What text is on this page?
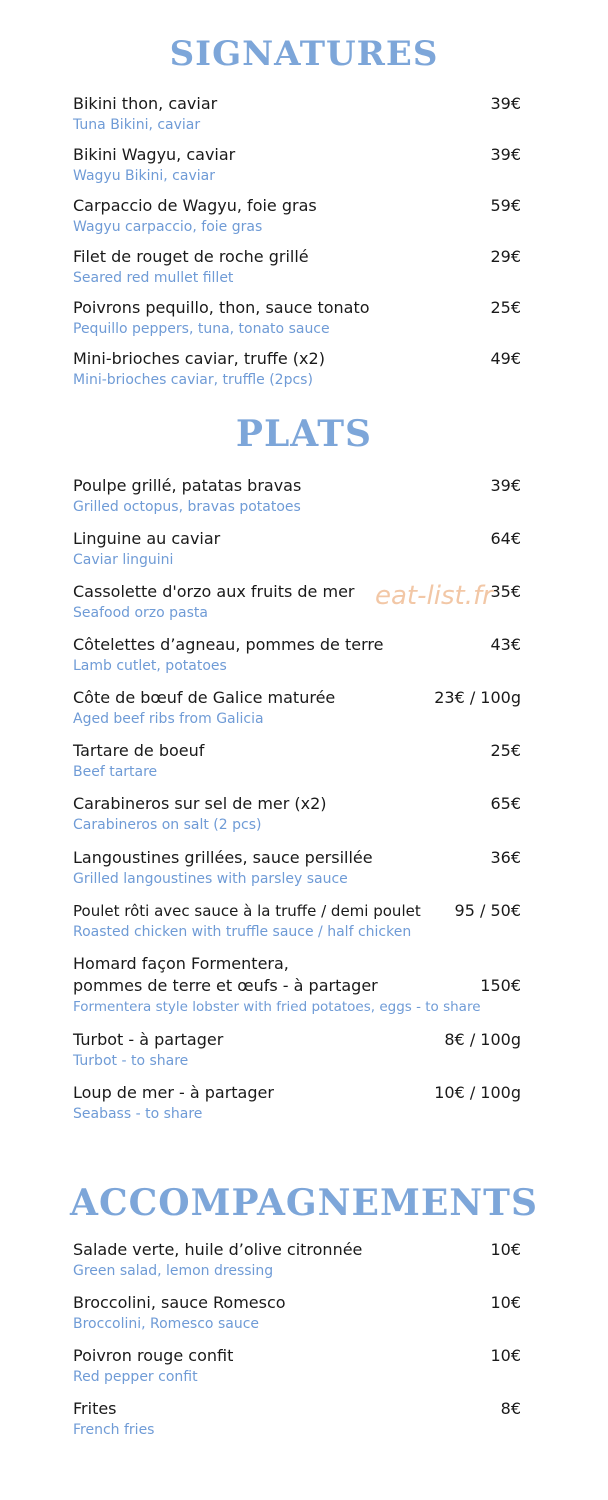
SIGNATURES
Bikini thon, caviar	39€
Tuna Bikini, caviar
Bikini Wagyu, caviar	39€
Wagyu Bikini, caviar
Carpaccio de Wagyu, foie gras	59€
Wagyu carpaccio, foie gras
Filet de rouget de roche grillé	29€
Seared red mullet fillet
Poivrons pequillo, thon, sauce tonato	25€
Pequillo peppers, tuna, tonato sauce
Mini-brioches caviar, truffe (x2)	49€
Mini-brioches caviar, truffle (2pcs)
PLATS
Poulpe grillé, patatas bravas	39€
Grilled octopus, bravas potatoes
Linguine au caviar	64€
Caviar linguini
Cassolette d'orzo aux fruits de mer	35€
Seafood orzo pasta
Côtelettes d’agneau, pommes de terre	43€
Lamb cutlet, potatoes
Côte de bœuf de Galice maturée	23€ / 100g
Aged beef ribs from Galicia
Tartare de boeuf	25€
Beef tartare
Carabineros sur sel de mer (x2)	65€
Carabineros on salt (2 pcs)
Langoustines grillées, sauce persillée	36€
Grilled langoustines with parsley sauce
Poulet rôti avec sauce à la truffe / demi poulet 95 / 50€
Roasted chicken with truffle sauce / half chicken
Homard façon Formentera,
pommes de terre et œufs - à partager	150€
Formentera style lobster with fried potatoes, eggs - to share
Turbot - à partager	8€ / 100g
Turbot - to share
Loup de mer - à partager	10€ / 100g
Seabass - to share
eat-list.fr
ACCOMPAGNEMENTS
Salade verte, huile d’olive citronnée	10€
Green salad, lemon dressing
Broccolini, sauce Romesco	10€
Broccolini, Romesco sauce
Poivron rouge confit	10€
Red pepper confit
Frites	8€
French fries
